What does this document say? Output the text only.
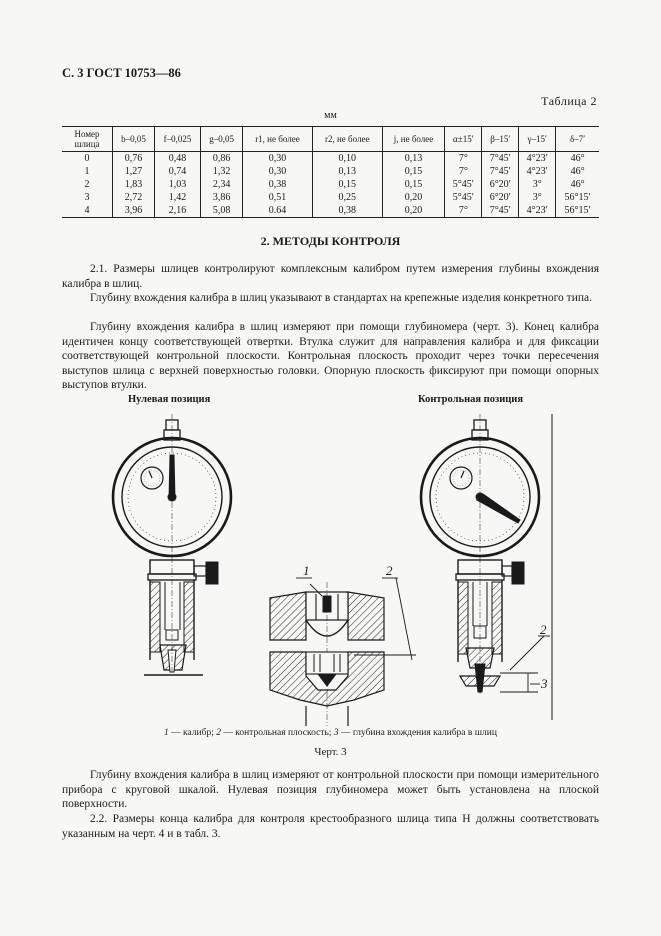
С. 3 ГОСТ 10753—86
Таблица 2
мм
Номер шлица	b–0,05	f–0,025	g–0,05	r1, не более	r2, не более	j, не более	α±15′	β–15′	γ–15′	δ–7′
0	0,76	0,48	0,86	0,30	0,10	0,13	7°	7°45′	4°23′	46°
1	1,27	0,74	1,32	0,30	0,13	0,15	7°	7°45′	4°23′	46°
2	1,83	1,03	2,34	0,38	0,15	0,15	5°45′	6°20′	3°	46°
3	2,72	1,42	3,86	0,51	0,25	0,20	5°45′	6°20′	3°	56°15′
4	3,96	2,16	5,08	0.64	0,38	0,20	7°	7°45′	4°23′	56°15′
2. МЕТОДЫ КОНТРОЛЯ
2.1. Размеры шлицев контролируют комплексным калибром путем измерения глубины вхождения калибра в шлиц.
Глубину вхождения калибра в шлиц указывают в стандартах на крепежные изделия конкретного типа.
Глубину вхождения калибра в шлиц измеряют при помощи глубиномера (черт. 3). Конец калибра идентичен концу соответствующей отвертки. Втулка служит для направления калибра и для фиксации соответствующей контрольной плоскости. Контрольная плоскость проходит через точки пересечения выступов шлица с верхней поверхностью головки. Опорную плоскость фиксируют при помощи опорных выступов втулки.
Нулевая позиция	Контрольная позиция
1	2
2
3
1 — калибр; 2 — контрольная плоскость; 3 — глубина вхождения калибра в шлиц
Черт. 3
Глубину вхождения калибра в шлиц измеряют от контрольной плоскости при помощи измерительного прибора с круговой шкалой. Нулевая позиция глубиномера может быть установлена на плоской поверхности.
2.2. Размеры конца калибра для контроля крестообразного шлица типа Н должны соответствовать указанным на черт. 4 и в табл. 3.
